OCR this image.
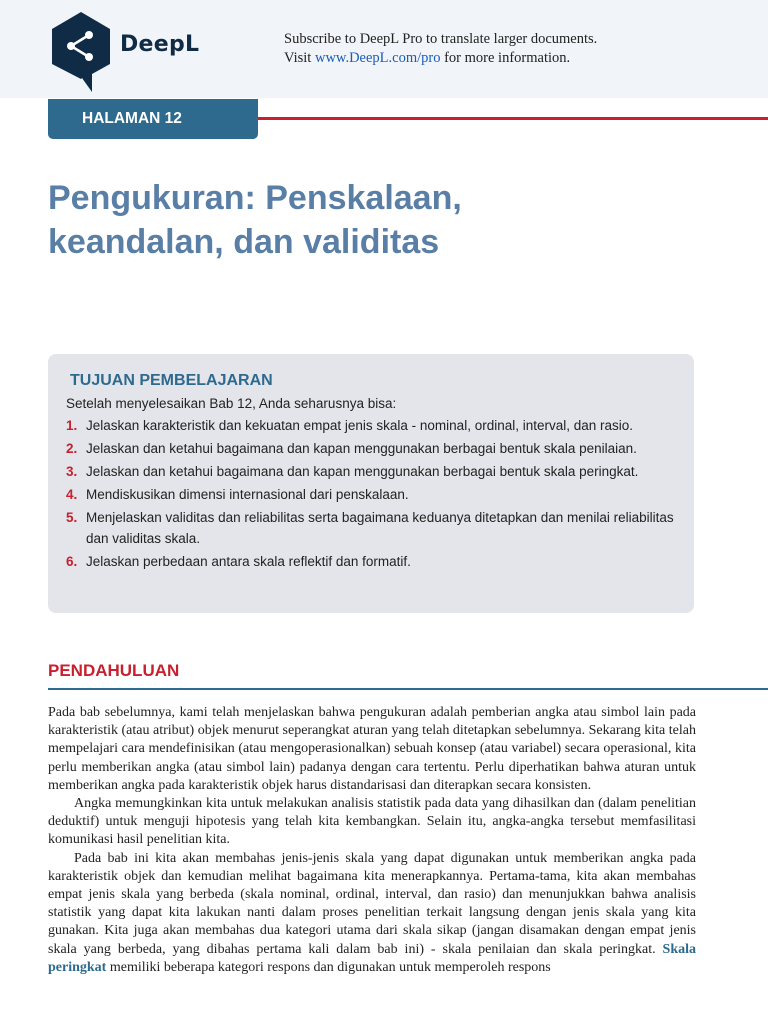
DeepL	Subscribe to DeepL Pro to translate larger documents.
Visit www.DeepL.com/pro for more information.
HALAMAN 12
Pengukuran: Penskalaan,
keandalan, dan validitas
TUJUAN PEMBELAJARAN
Setelah menyelesaikan Bab 12, Anda seharusnya bisa:
1. Jelaskan karakteristik dan kekuatan empat jenis skala - nominal, ordinal, interval, dan rasio.
2. Jelaskan dan ketahui bagaimana dan kapan menggunakan berbagai bentuk skala penilaian.
3. Jelaskan dan ketahui bagaimana dan kapan menggunakan berbagai bentuk skala peringkat.
4. Mendiskusikan dimensi internasional dari penskalaan.
5. Menjelaskan validitas dan reliabilitas serta bagaimana keduanya ditetapkan dan menilai reliabilitas dan validitas skala.
6. Jelaskan perbedaan antara skala reflektif dan formatif.
PENDAHULUAN

Pada bab sebelumnya, kami telah menjelaskan bahwa pengukuran adalah pemberian angka atau simbol lain pada karakteristik (atau atribut) objek menurut seperangkat aturan yang telah ditetapkan sebelumnya. Sekarang kita telah mempelajari cara mendefinisikan (atau mengoperasionalkan) sebuah konsep (atau variabel) secara operasional, kita perlu memberikan angka (atau simbol lain) padanya dengan cara tertentu. Perlu diperhatikan bahwa aturan untuk memberikan angka pada karakteristik objek harus distandarisasi dan diterapkan secara konsisten.

Angka memungkinkan kita untuk melakukan analisis statistik pada data yang dihasilkan dan (dalam penelitian deduktif) untuk menguji hipotesis yang telah kita kembangkan. Selain itu, angka-angka tersebut memfasilitasi komunikasi hasil penelitian kita.

Pada bab ini kita akan membahas jenis-jenis skala yang dapat digunakan untuk memberikan angka pada karakteristik objek dan kemudian melihat bagaimana kita menerapkannya. Pertama-tama, kita akan membahas empat jenis skala yang berbeda (skala nominal, ordinal, interval, dan rasio) dan menunjukkan bahwa analisis statistik yang dapat kita lakukan nanti dalam proses penelitian terkait langsung dengan jenis skala yang kita gunakan. Kita juga akan membahas dua kategori utama dari skala sikap (jangan disamakan dengan empat jenis skala yang berbeda, yang dibahas pertama kali dalam bab ini) - skala penilaian dan skala peringkat. Skala peringkat memiliki beberapa kategori respons dan digunakan untuk memperoleh respons
